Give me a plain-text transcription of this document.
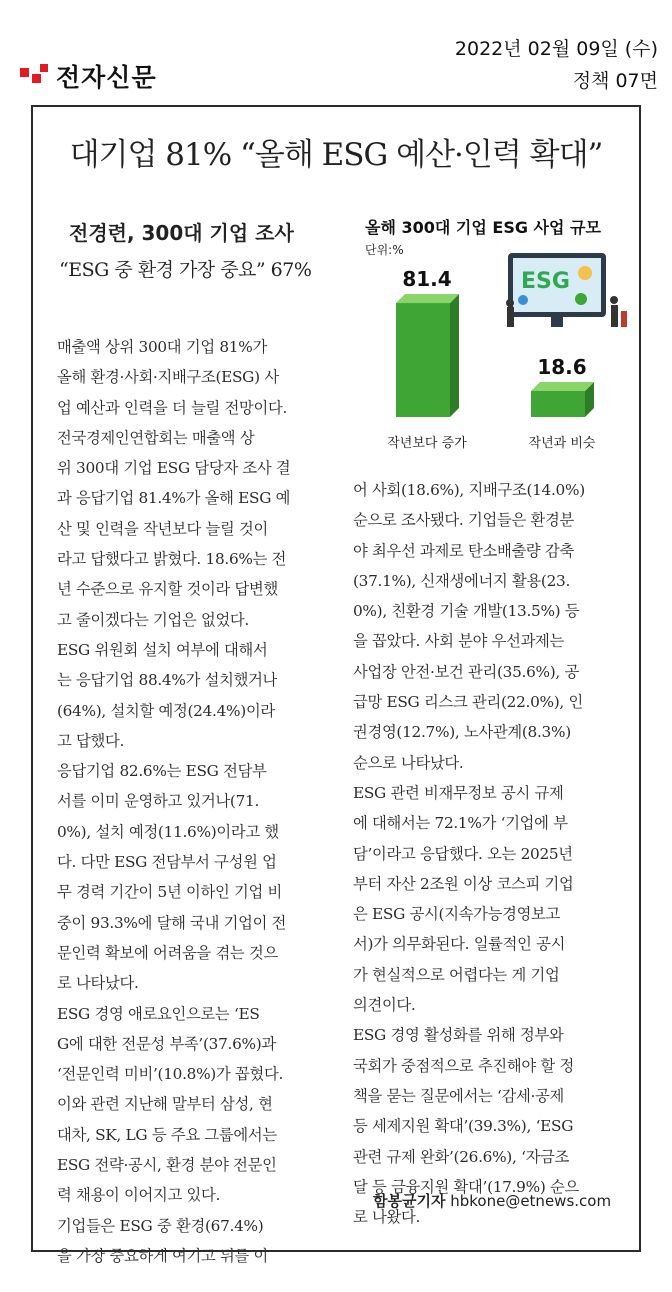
전자신문
2022년 02월 09일 (수)
정책 07면
대기업 81% “올해 ESG 예산·인력 확대”
전경련, 300대 기업 조사
“ESG 중 환경 가장 중요” 67%
올해 300대 기업 ESG 사업 규모
단위:%
ESG
81.4
작년보다 증가
18.6
작년과 비슷
매출액 상위 300대 기업 81%가
올해 환경·사회·지배구조(ESG) 사
업 예산과 인력을 더 늘릴 전망이다.
전국경제인연합회는 매출액 상
위 300대 기업 ESG 담당자 조사 결
과 응답기업 81.4%가 올해 ESG 예
산 및 인력을 작년보다 늘릴 것이
라고 답했다고 밝혔다. 18.6%는 전
년 수준으로 유지할 것이라 답변했
고 줄이겠다는 기업은 없었다.
ESG 위원회 설치 여부에 대해서
는 응답기업 88.4%가 설치했거나
(64%), 설치할 예정(24.4%)이라
고 답했다.
응답기업 82.6%는 ESG 전담부
서를 이미 운영하고 있거나(71.
0%), 설치 예정(11.6%)이라고 했
다. 다만 ESG 전담부서 구성원 업
무 경력 기간이 5년 이하인 기업 비
중이 93.3%에 달해 국내 기업이 전
문인력 확보에 어려움을 겪는 것으
로 나타났다.
ESG 경영 애로요인으로는 ‘ES
G에 대한 전문성 부족’(37.6%)과
‘전문인력 미비’(10.8%)가 꼽혔다.
이와 관련 지난해 말부터 삼성, 현
대차, SK, LG 등 주요 그룹에서는
ESG 전략·공시, 환경 분야 전문인
력 채용이 이어지고 있다.
기업들은 ESG 중 환경(67.4%)
을 가장 중요하게 여기고 뒤를 이
어 사회(18.6%), 지배구조(14.0%)
순으로 조사됐다. 기업들은 환경분
야 최우선 과제로 탄소배출량 감축
(37.1%), 신재생에너지 활용(23.
0%), 친환경 기술 개발(13.5%) 등
을 꼽았다. 사회 분야 우선과제는
사업장 안전·보건 관리(35.6%), 공
급망 ESG 리스크 관리(22.0%), 인
권경영(12.7%), 노사관계(8.3%)
순으로 나타났다.
ESG 관련 비재무정보 공시 규제
에 대해서는 72.1%가 ‘기업에 부
담’이라고 응답했다. 오는 2025년
부터 자산 2조원 이상 코스피 기업
은 ESG 공시(지속가능경영보고
서)가 의무화된다. 일률적인 공시
가 현실적으로 어렵다는 게 기업
의견이다.
ESG 경영 활성화를 위해 정부와
국회가 중점적으로 추진해야 할 정
책을 묻는 질문에서는 ‘감세·공제
등 세제지원 확대’(39.3%), ‘ESG
관련 규제 완화’(26.6%), ‘자금조
달 등 금융지원 확대’(17.9%) 순으
로 나왔다.
함봉균기자 hbkone@etnews.com
